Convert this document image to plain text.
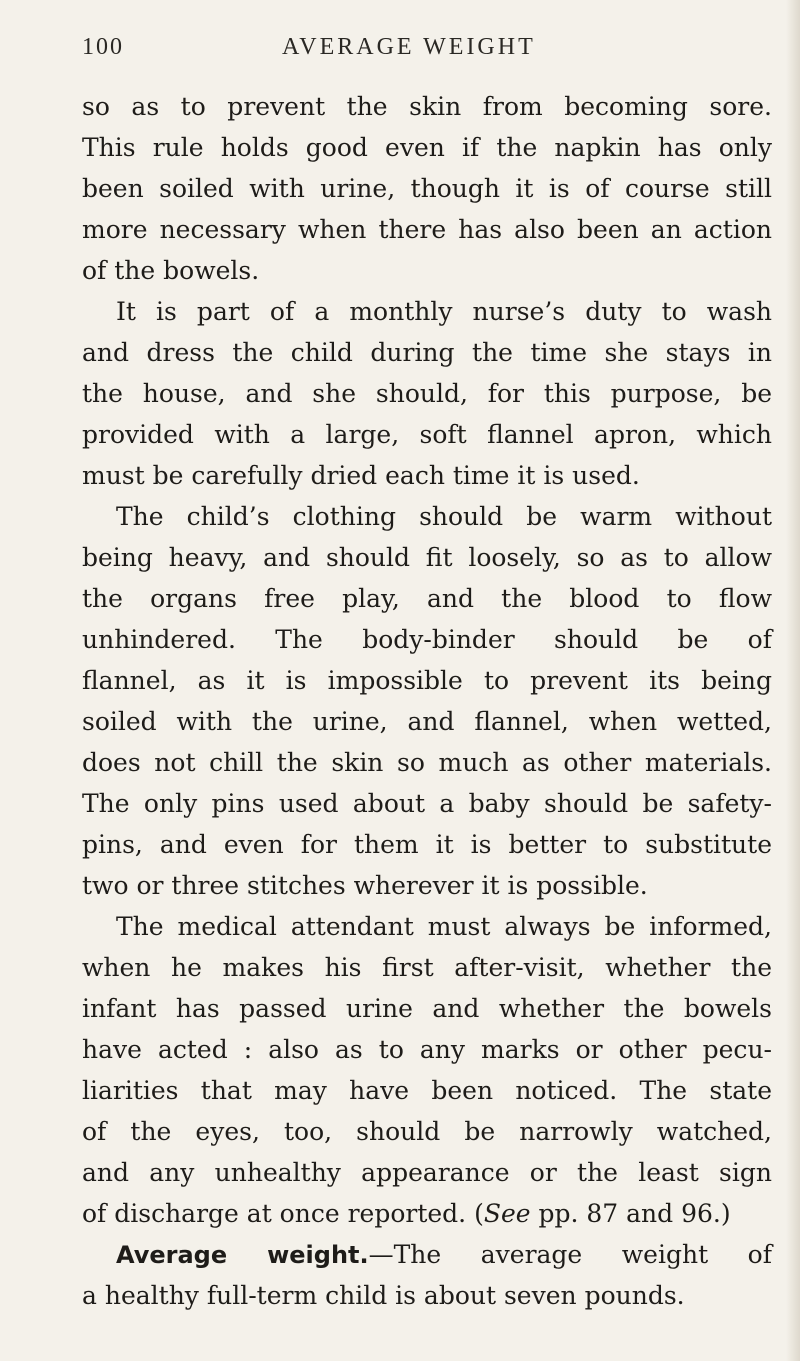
100	AVERAGE WEIGHT
so as to prevent the skin from becoming sore.
This rule holds good even if the napkin has only
been soiled with urine, though it is of course still
more necessary when there has also been an action
of the bowels.
It is part of a monthly nurse’s duty to wash
and dress the child during the time she stays in
the house, and she should, for this purpose, be
provided with a large, soft flannel apron, which
must be carefully dried each time it is used.
The child’s clothing should be warm without
being heavy, and should fit loosely, so as to allow
the organs free play, and the blood to flow
unhindered. The body-binder should be of
flannel, as it is impossible to prevent its being
soiled with the urine, and flannel, when wetted,
does not chill the skin so much as other materials.
The only pins used about a baby should be safety-
pins, and even for them it is better to substitute
two or three stitches wherever it is possible.
The medical attendant must always be informed,
when he makes his first after-visit, whether the
infant has passed urine and whether the bowels
have acted : also as to any marks or other pecu-
liarities that may have been noticed. The state
of the eyes, too, should be narrowly watched,
and any unhealthy appearance or the least sign
of discharge at once reported. (See pp. 87 and 96.)
Average weight.—The average weight of
a healthy full-term child is about seven pounds.
